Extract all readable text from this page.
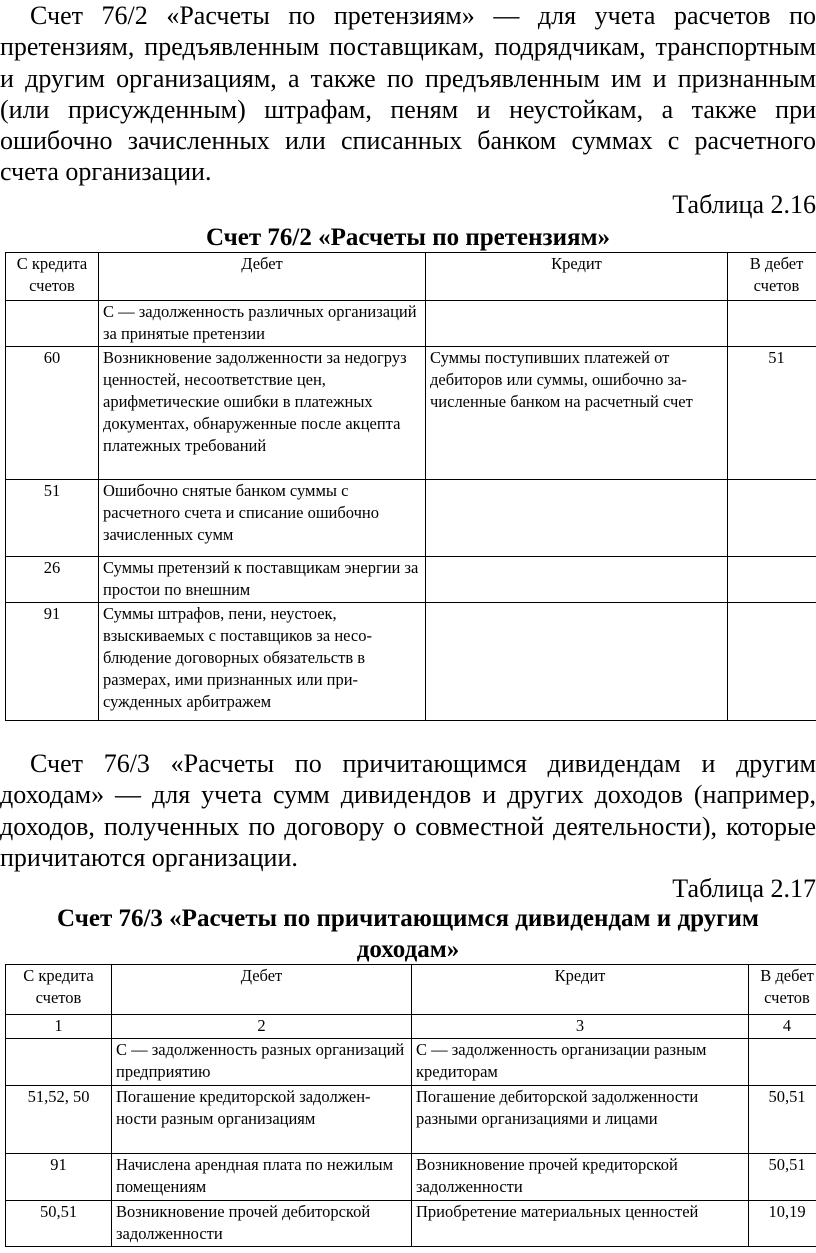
Счет 76/2 «Расчеты по претензиям» — для учета расчетов по претензиям, предъявленным поставщикам, подрядчикам, транспортным и другим организациям, а также по предъявленным им и признанным (или присужденным) штрафам, пеням и неустойкам, а также при ошибочно зачисленных или списанных банком суммах с расчетного счета организации.

Таблица 2.16
Счет 76/2 «Расчеты по претензиям»
С кредита счетов	Дебет	Кредит	В дебет счетов
	С — задолженность различных организаций за принятые претензии		
60	Возникновение задолженности за недогруз ценностей, несоответствие цен, арифметические ошибки в платежных документах, обнаруженные после акцепта платежных требований	Суммы поступивших платежей от дебиторов или суммы, ошибочно за-численные банком на расчетный счет	51
51	Ошибочно снятые банком суммы с расчетного счета и списание ошибочно зачисленных сумм		
26	Суммы претензий к поставщикам энергии за простои по внешним		
91	Суммы штрафов, пени, неустоек, взыскиваемых с поставщиков за несо-блюдение договорных обязательств в размерах, ими признанных или при-сужденных арбитражем		

Счет 76/3 «Расчеты по причитающимся дивидендам и другим доходам» — для учета сумм дивидендов и других доходов (например, доходов, полученных по договору о совместной деятельности), которые причитаются организации.

Таблица 2.17
Счет 76/3 «Расчеты по причитающимся дивидендам и другим
доходам»
С кредита счетов	Дебет	Кредит	В дебет счетов
1	2	3	4
	С — задолженность разных организаций предприятию	С — задолженность организации разным кредиторам	
51,52, 50	Погашение кредиторской задолжен-ности разным организациям	Погашение дебиторской задолженности разными организациями и лицами	50,51
91	Начислена арендная плата по нежилым помещениям	Возникновение прочей кредиторской задолженности	50,51
50,51	Возникновение прочей дебиторской задолженности	Приобретение материальных ценностей	10,19
